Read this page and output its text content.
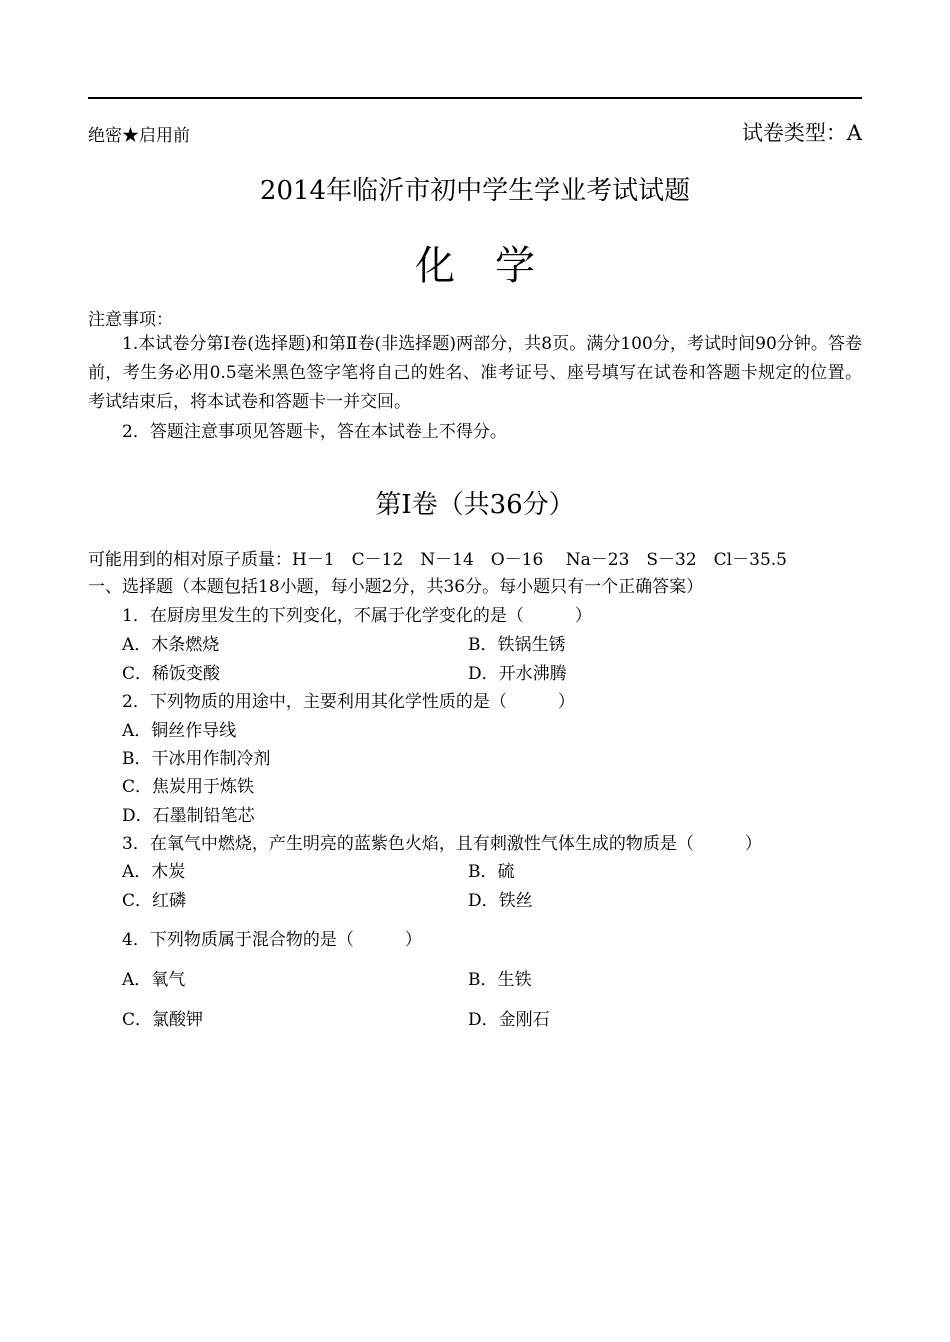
绝密★启用前	试卷类型：A
2014年临沂市初中学生学业考试试题
化　学
注意事项：
1.本试卷分第Ⅰ卷(选择题)和第Ⅱ卷(非选择题)两部分，共8页。满分100分，考试时间90分钟。答卷前，考生务必用0.5毫米黑色签字笔将自己的姓名、准考证号、座号填写在试卷和答题卡规定的位置。考试结束后，将本试卷和答题卡一并交回。
2．答题注意事项见答题卡，答在本试卷上不得分。
第Ⅰ卷（共36分）
可能用到的相对原子质量：H－1　C－12　N－14　O－16　 Na－23　S－32　Cl－35.5
一、选择题（本题包括18小题，每小题2分，共36分。每小题只有一个正确答案）
1．在厨房里发生的下列变化，不属于化学变化的是（　　　）
A．木条燃烧	B．铁锅生锈
C．稀饭变酸	D．开水沸腾
2．下列物质的用途中，主要利用其化学性质的是（　　　）
A．铜丝作导线
B．干冰用作制冷剂
C．焦炭用于炼铁
D．石墨制铅笔芯
3．在氧气中燃烧，产生明亮的蓝紫色火焰，且有刺激性气体生成的物质是（　　　）
A．木炭	B．硫
C．红磷	D．铁丝
4．下列物质属于混合物的是（　　　）
A．氧气	B．生铁
C．氯酸钾	D．金刚石
